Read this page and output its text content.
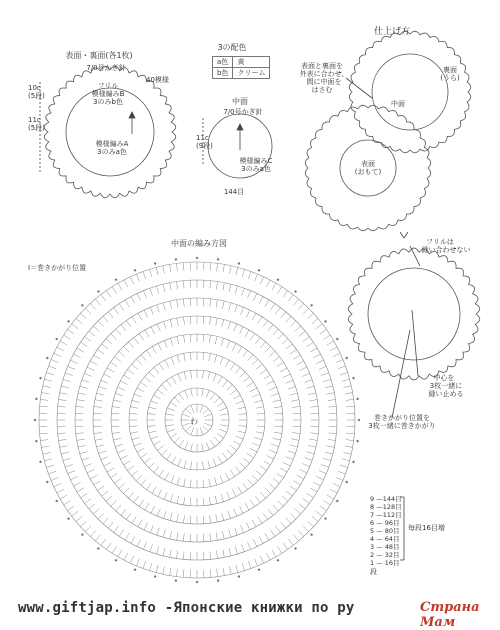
表面・裏面(各1枚)
7/0号かぎ針
40模様
10c
(5段)
11c
(5段)
フリル
模様編みB
3のみb色
模様編みA
3のみa色
3の配色
a色	黄
b色	クリーム
中面
7/0号かぎ針
11c
(9段)
模様編みC
3のみa色
144目
仕上げ方
表面と裏面を
外表に合わせ、
間に中面を
はさむ
裏面
(うら)
中面
表面
(おもて)
フリルは
縫い合わせない
中心を
3枚一緒に
縫い止める
巻きかがり位置を
3枚一緒に巻きかがり
中面の編み方図
I＝巻きかがり位置
わ
9 —144目
8 —128目
7 —112目
6 — 96目
5 — 80目
4 — 64目
3 — 48目
2 — 32目
1 — 16目
毎段16目増
段
www.giftjap.info -Японские книжки по ру	Страна Мам
